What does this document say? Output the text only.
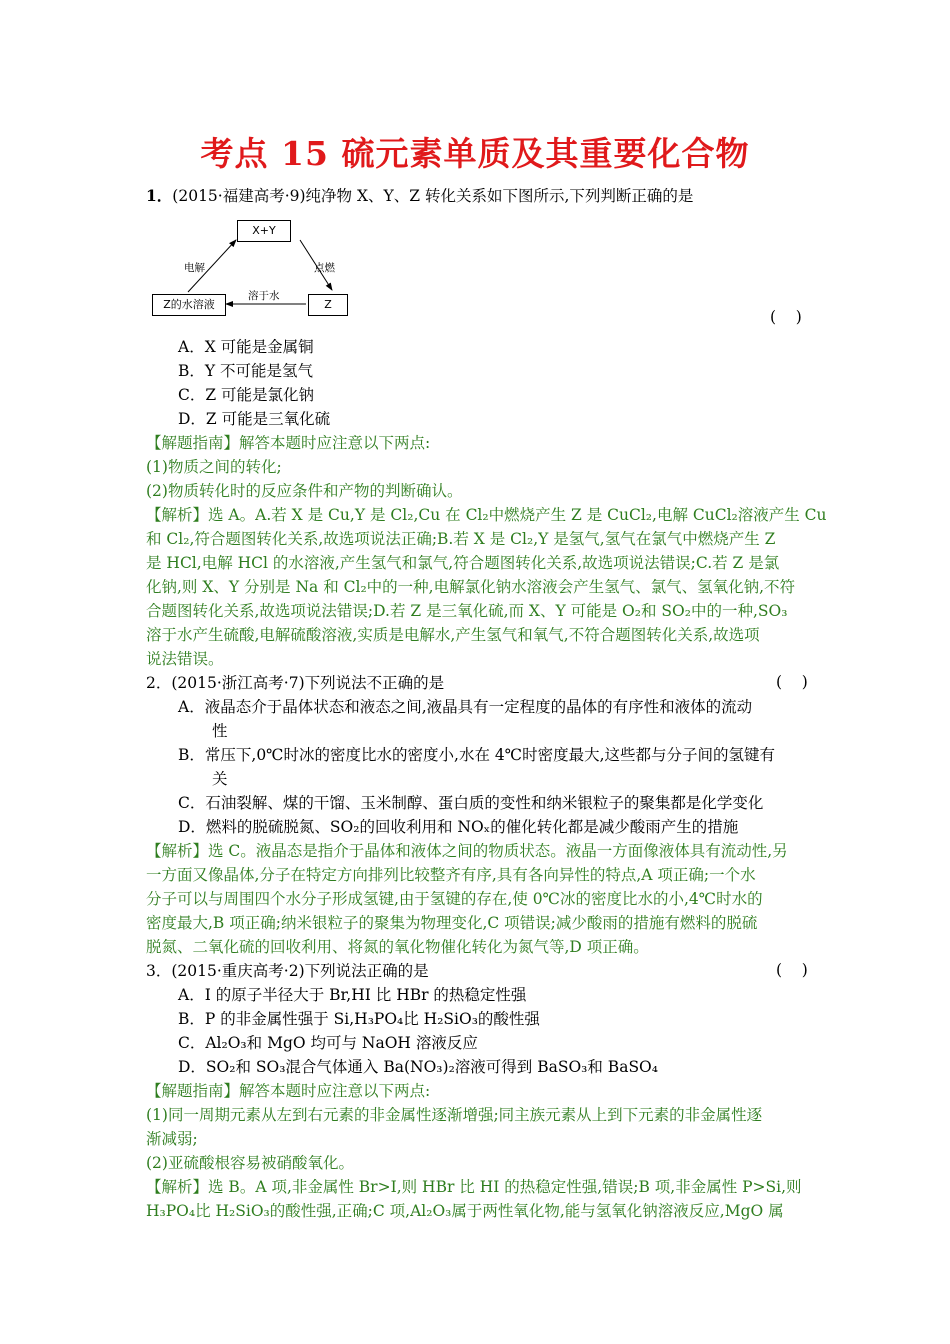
考点 15 硫元素单质及其重要化合物
1．(2015·福建高考·9)纯净物 X、Y、Z 转化关系如下图所示,下列判断正确的是
X+Y
Z的水溶液	Z
电解	点燃
溶于水
(    )
A．X 可能是金属铜
B．Y 不可能是氢气
C．Z 可能是氯化钠
D．Z 可能是三氧化硫
【解题指南】解答本题时应注意以下两点:
(1)物质之间的转化;
(2)物质转化时的反应条件和产物的判断确认。
【解析】选 A。A.若 X 是 Cu,Y 是 Cl₂,Cu 在 Cl₂中燃烧产生 Z 是 CuCl₂,电解 CuCl₂溶液产生 Cu
和 Cl₂,符合题图转化关系,故选项说法正确;B.若 X 是 Cl₂,Y 是氢气,氢气在氯气中燃烧产生 Z
是 HCl,电解 HCl 的水溶液,产生氢气和氯气,符合题图转化关系,故选项说法错误;C.若 Z 是氯
化钠,则 X、Y 分别是 Na 和 Cl₂中的一种,电解氯化钠水溶液会产生氢气、氯气、氢氧化钠,不符
合题图转化关系,故选项说法错误;D.若 Z 是三氧化硫,而 X、Y 可能是 O₂和 SO₂中的一种,SO₃
溶于水产生硫酸,电解硫酸溶液,实质是电解水,产生氢气和氧气,不符合题图转化关系,故选项
说法错误。
2．(2015·浙江高考·7)下列说法不正确的是	(    )
A．液晶态介于晶体状态和液态之间,液晶具有一定程度的晶体的有序性和液体的流动
性
B．常压下,0℃时冰的密度比水的密度小,水在 4℃时密度最大,这些都与分子间的氢键有
关
C．石油裂解、煤的干馏、玉米制醇、蛋白质的变性和纳米银粒子的聚集都是化学变化
D．燃料的脱硫脱氮、SO₂的回收利用和 NOₓ的催化转化都是减少酸雨产生的措施
【解析】选 C。液晶态是指介于晶体和液体之间的物质状态。液晶一方面像液体具有流动性,另
一方面又像晶体,分子在特定方向排列比较整齐有序,具有各向异性的特点,A 项正确;一个水
分子可以与周围四个水分子形成氢键,由于氢键的存在,使 0℃冰的密度比水的小,4℃时水的
密度最大,B 项正确;纳米银粒子的聚集为物理变化,C 项错误;减少酸雨的措施有燃料的脱硫
脱氮、二氧化硫的回收利用、将氮的氧化物催化转化为氮气等,D 项正确。
3．(2015·重庆高考·2)下列说法正确的是	(    )
A．I 的原子半径大于 Br,HI 比 HBr 的热稳定性强
B．P 的非金属性强于 Si,H₃PO₄比 H₂SiO₃的酸性强
C．Al₂O₃和 MgO 均可与 NaOH 溶液反应
D．SO₂和 SO₃混合气体通入 Ba(NO₃)₂溶液可得到 BaSO₃和 BaSO₄
【解题指南】解答本题时应注意以下两点:
(1)同一周期元素从左到右元素的非金属性逐渐增强;同主族元素从上到下元素的非金属性逐
渐减弱;
(2)亚硫酸根容易被硝酸氧化。
【解析】选 B。A 项,非金属性 Br>I,则 HBr 比 HI 的热稳定性强,错误;B 项,非金属性 P>Si,则
H₃PO₄比 H₂SiO₃的酸性强,正确;C 项,Al₂O₃属于两性氧化物,能与氢氧化钠溶液反应,MgO 属
